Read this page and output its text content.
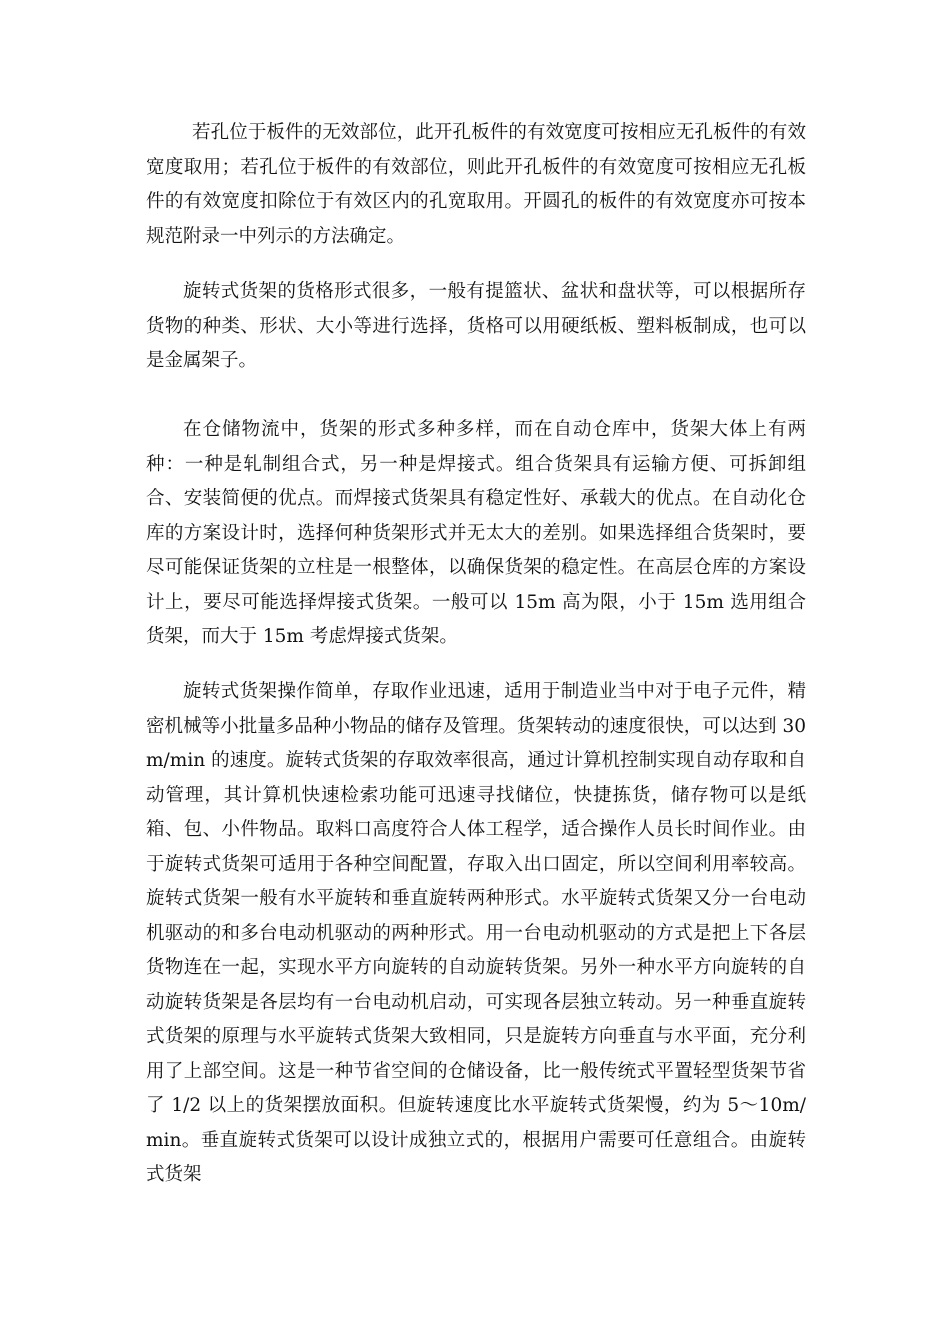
若孔位于板件的无效部位，此开孔板件的有效宽度可按相应无孔板件的有效宽度取用；若孔位于板件的有效部位，则此开孔板件的有效宽度可按相应无孔板件的有效宽度扣除位于有效区内的孔宽取用。开圆孔的板件的有效宽度亦可按本规范附录一中列示的方法确定。

旋转式货架的货格形式很多，一般有提篮状、盆状和盘状等，可以根据所存货物的种类、形状、大小等进行选择，货格可以用硬纸板、塑料板制成，也可以是金属架子。

在仓储物流中，货架的形式多种多样，而在自动仓库中，货架大体上有两种：一种是轧制组合式，另一种是焊接式。组合货架具有运输方便、可拆卸组合、安装简便的优点。而焊接式货架具有稳定性好、承载大的优点。在自动化仓库的方案设计时，选择何种货架形式并无太大的差别。如果选择组合货架时，要尽可能保证货架的立柱是一根整体，以确保货架的稳定性。在高层仓库的方案设计上，要尽可能选择焊接式货架。一般可以 15m 高为限，小于 15m 选用组合货架，而大于 15m 考虑焊接式货架。

旋转式货架操作简单，存取作业迅速，适用于制造业当中对于电子元件，精密机械等小批量多品种小物品的储存及管理。货架转动的速度很快，可以达到 30m/min 的速度。旋转式货架的存取效率很高，通过计算机控制实现自动存取和自动管理，其计算机快速检索功能可迅速寻找储位，快捷拣货，储存物可以是纸箱、包、小件物品。取料口高度符合人体工程学，适合操作人员长时间作业。由于旋转式货架可适用于各种空间配置，存取入出口固定，所以空间利用率较高。旋转式货架一般有水平旋转和垂直旋转两种形式。水平旋转式货架又分一台电动机驱动的和多台电动机驱动的两种形式。用一台电动机驱动的方式是把上下各层货物连在一起，实现水平方向旋转的自动旋转货架。另外一种水平方向旋转的自动旋转货架是各层均有一台电动机启动，可实现各层独立转动。另一种垂直旋转式货架的原理与水平旋转式货架大致相同，只是旋转方向垂直与水平面，充分利用了上部空间。这是一种节省空间的仓储设备，比一般传统式平置轻型货架节省了 1/2 以上的货架摆放面积。但旋转速度比水平旋转式货架慢，约为 5～10m/min。垂直旋转式货架可以设计成独立式的，根据用户需要可任意组合。由旋转式货架
